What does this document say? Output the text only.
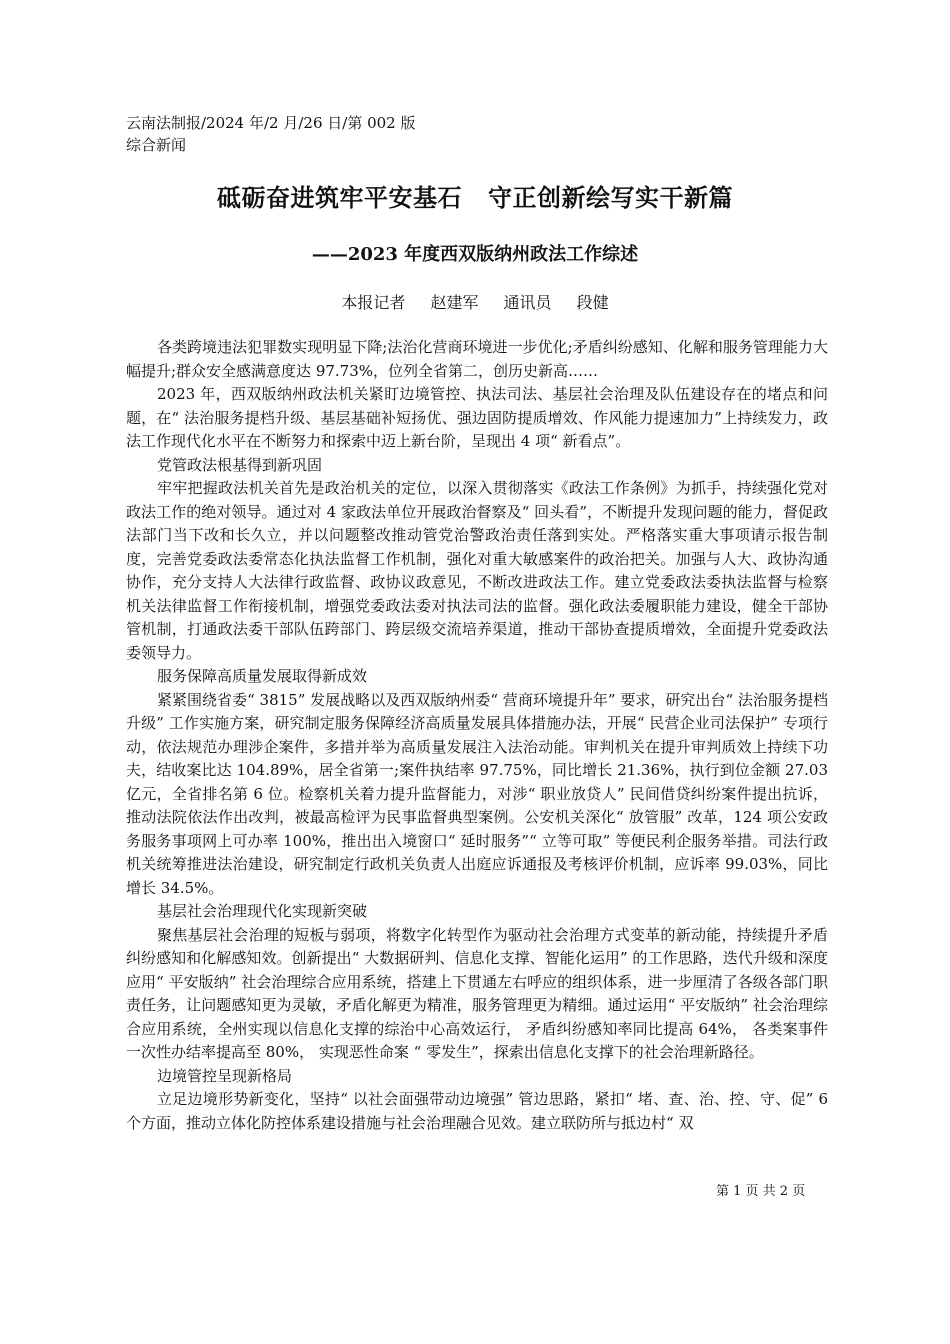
云南法制报/2024 年/2 月/26 日/第 002 版综合新闻
砥砺奋进筑牢平安基石 守正创新绘写实干新篇
——2023 年度西双版纳州政法工作综述
本报记者 赵建军 通讯员 段健

各类跨境违法犯罪数实现明显下降;法治化营商环境进一步优化;矛盾纠纷感知、化解和服务管理能力大幅提升;群众安全感满意度达 97.73%，位列全省第二，创历史新高……

2023 年，西双版纳州政法机关紧盯边境管控、执法司法、基层社会治理及队伍建设存在的堵点和问题，在“ 法治服务提档升级、基层基础补短扬优、强边固防提质增效、作风能力提速加力”上持续发力，政法工作现代化水平在不断努力和探索中迈上新台阶，呈现出 4 项“ 新看点”。

党管政法根基得到新巩固

牢牢把握政法机关首先是政治机关的定位，以深入贯彻落实《政法工作条例》为抓手，持续强化党对政法工作的绝对领导。通过对 4 家政法单位开展政治督察及“ 回头看”，不断提升发现问题的能力，督促政法部门当下改和长久立，并以问题整改推动管党治警政治责任落到实处。严格落实重大事项请示报告制度，完善党委政法委常态化执法监督工作机制，强化对重大敏感案件的政治把关。加强与人大、政协沟通协作，充分支持人大法律行政监督、政协议政意见，不断改进政法工作。建立党委政法委执法监督与检察机关法律监督工作衔接机制，增强党委政法委对执法司法的监督。强化政法委履职能力建设，健全干部协管机制，打通政法委干部队伍跨部门、跨层级交流培养渠道，推动干部协查提质增效，全面提升党委政法委领导力。

服务保障高质量发展取得新成效

紧紧围绕省委“ 3815” 发展战略以及西双版纳州委“ 营商环境提升年” 要求，研究出台“ 法治服务提档升级” 工作实施方案，研究制定服务保障经济高质量发展具体措施办法，开展“ 民营企业司法保护” 专项行动，依法规范办理涉企案件，多措并举为高质量发展注入法治动能。审判机关在提升审判质效上持续下功夫，结收案比达 104.89%，居全省第一;案件执结率 97.75%，同比增长 21.36%，执行到位金额 27.03 亿元，全省排名第 6 位。检察机关着力提升监督能力，对涉“ 职业放贷人” 民间借贷纠纷案件提出抗诉，推动法院依法作出改判，被最高检评为民事监督典型案例。公安机关深化“ 放管服” 改革，124 项公安政务服务事项网上可办率 100%，推出出入境窗口“ 延时服务”“ 立等可取” 等便民利企服务举措。司法行政机关统筹推进法治建设，研究制定行政机关负责人出庭应诉通报及考核评价机制，应诉率 99.03%，同比增长 34.5%。

基层社会治理现代化实现新突破

聚焦基层社会治理的短板与弱项，将数字化转型作为驱动社会治理方式变革的新动能，持续提升矛盾纠纷感知和化解感知效。创新提出“ 大数据研判、信息化支撑、智能化运用” 的工作思路，迭代升级和深度应用“ 平安版纳” 社会治理综合应用系统，搭建上下贯通左右呼应的组织体系，进一步厘清了各级各部门职责任务，让问题感知更为灵敏，矛盾化解更为精准，服务管理更为精细。通过运用“ 平安版纳” 社会治理综合应用系统，全州实现以信息化支撑的综治中心高效运行， 矛盾纠纷感知率同比提高 64%， 各类案事件一次性办结率提高至 80%， 实现恶性命案 “ 零发生”，探索出信息化支撑下的社会治理新路径。

边境管控呈现新格局

立足边境形势新变化，坚持“ 以社会面强带动边境强” 管边思路，紧扣“ 堵、查、治、控、守、促” 6 个方面，推动立体化防控体系建设措施与社会治理融合见效。建立联防所与抵边村“ 双

第 1 页 共 2 页
